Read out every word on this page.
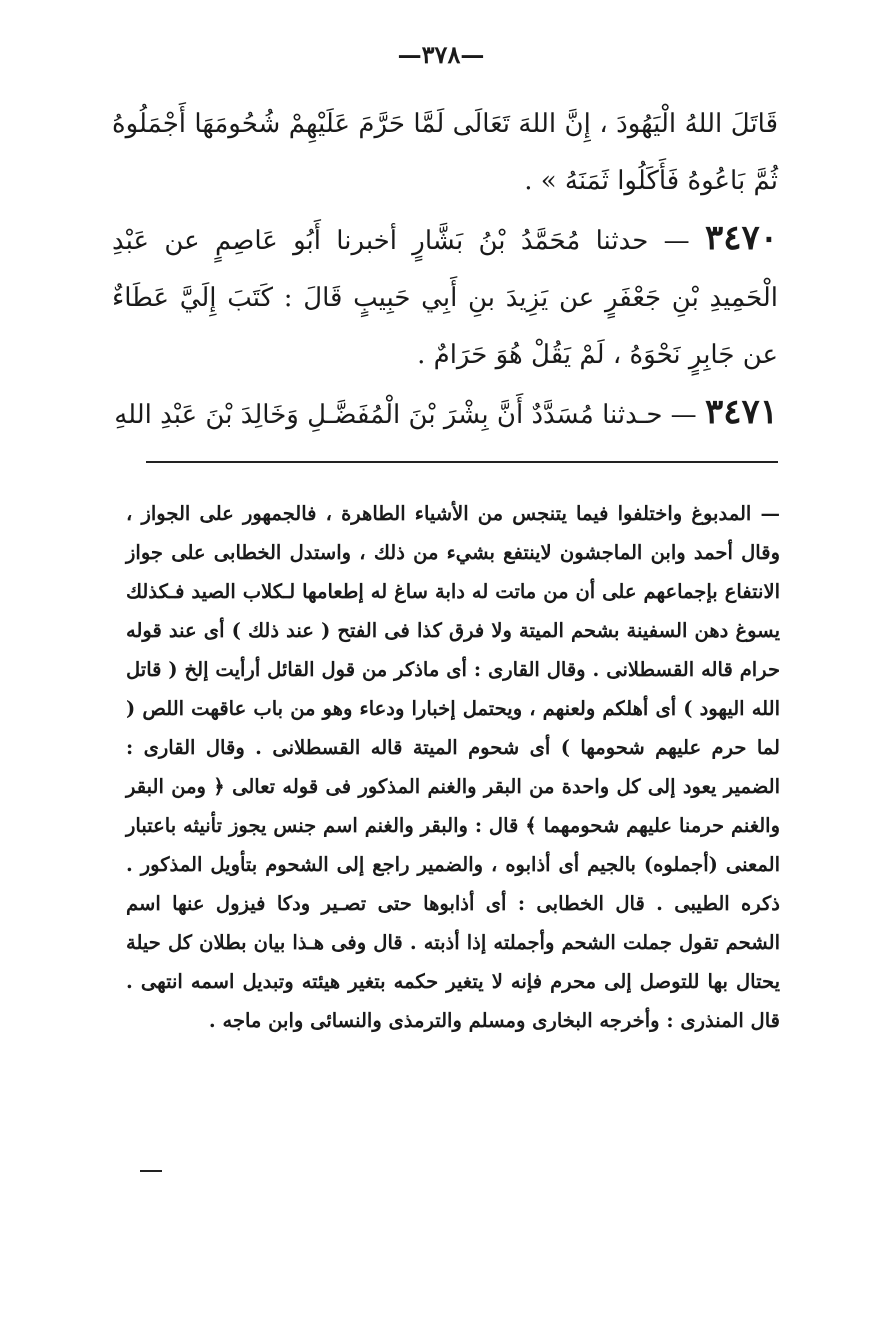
—٣٧٨—

قَاتَلَ اللهُ الْيَهُودَ ، إِنَّ اللهَ تَعَالَى لَمَّا حَرَّمَ عَلَيْهِمْ شُحُومَهَا أَجْمَلُوهُ ثُمَّ بَاعُوهُ فَأَكَلُوا ثَمَنَهُ » .

٣٤٧٠ — حدثنا مُحَمَّدُ بْنُ بَشَّارٍ أخبرنا أَبُو عَاصِمٍ عن عَبْدِ الْحَمِيدِ بْنِ جَعْفَرٍ عن يَزِيدَ بنِ أَبِي حَبِيبٍ قَالَ : كَتَبَ إِلَيَّ عَطَاءٌ عن جَابِرٍ نَحْوَهُ ، لَمْ يَقُلْ هُوَ حَرَامٌ .

٣٤٧١ — حـدثنا مُسَدَّدٌ أَنَّ بِشْرَ بْنَ الْمُفَضَّـلِ وَخَالِدَ بْنَ عَبْدِ اللهِ

— المدبوغ واختلفوا فيما يتنجس من الأشياء الطاهرة ، فالجمهور على الجواز ، وقال أحمد وابن الماجشون لاينتفع بشيء من ذلك ، واستدل الخطابى على جواز الانتفاع بإجماعهم على أن من ماتت له دابة ساغ له إطعامها لـكلاب الصيد فـكذلك يسوغ دهن السفينة بشحم الميتة ولا فرق كذا فى الفتح ( عند ذلك ) أى عند قوله حرام قاله القسطلانى . وقال القارى : أى ماذكر من قول القائل أرأيت إلخ ( قاتل الله اليهود ) أى أهلكم ولعنهم ، ويحتمل إخبارا ودعاء وهو من باب عاقهت اللص ( لما حرم عليهم شحومها ) أى شحوم الميتة قاله القسطلانى . وقال القارى : الضمير يعود إلى كل واحدة من البقر والغنم المذكور فى قوله تعالى ﴿ ومن البقر والغنم حرمنا عليهم شحومهما ﴾ قال : والبقر والغنم اسم جنس يجوز تأنيثه باعتبار المعنى (أجملوه) بالجيم أى أذابوه ، والضمير راجع إلى الشحوم بتأويل المذكور . ذكره الطيبى . قال الخطابى : أى أذابوها حتى تصـير ودكا فيزول عنها اسم الشحم تقول جملت الشحم وأجملته إذا أذبته . قال وفى هـذا بيان بطلان كل حيلة يحتال بها للتوصل إلى محرم فإنه لا يتغير حكمه بتغير هيئته وتبديل اسمه انتهى . قال المنذرى : وأخرجه البخارى ومسلم والترمذى والنسائى وابن ماجه .
